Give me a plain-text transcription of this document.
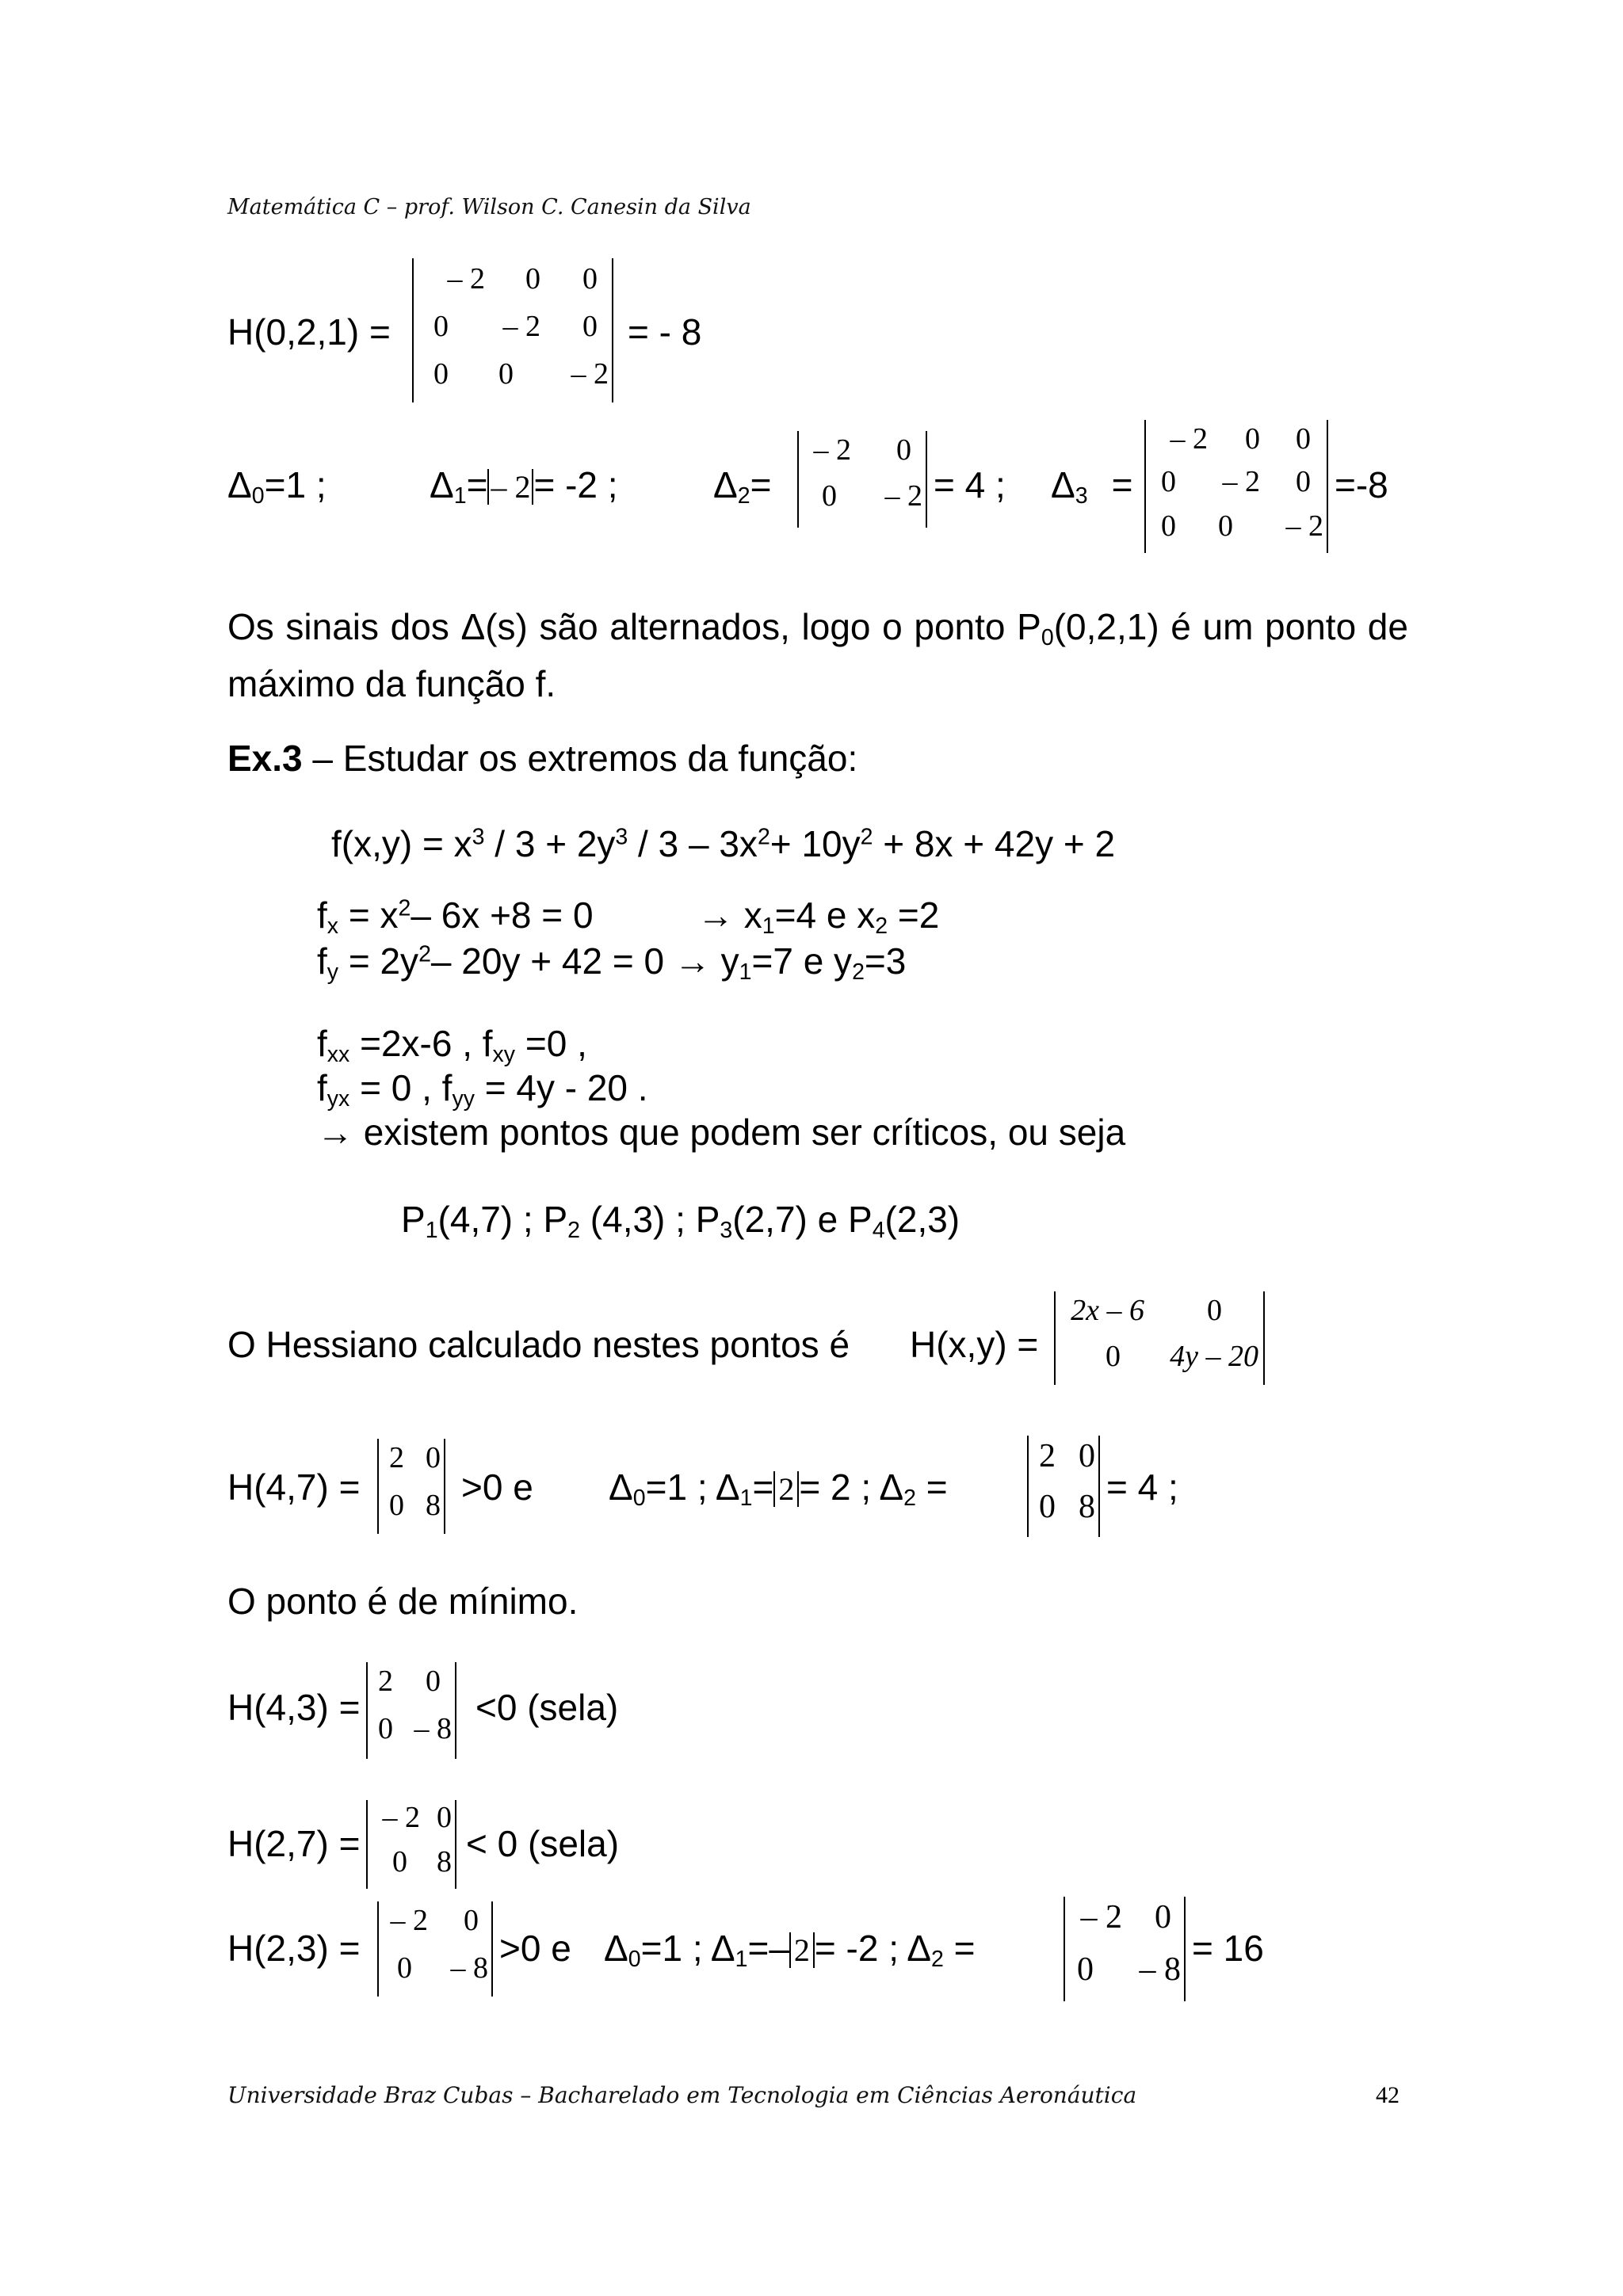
Matemática C – prof. Wilson C. Canesin da Silva
H(0,2,1) =
– 2 0 0
0 – 2 0
0 0 – 2
= - 8
$\Delta_0=1$ ;	$\Delta_1= - 2= -2$ ;	$\Delta_2=$
– 2 0
0 – 2 = 4 ; $\Delta_3$ =
– 2 0 0
0 – 2 0
0 0 – 2
=-8
Os sinais dos Δ(s) são alternados, logo o ponto $P_0(0,2,1)$ é um ponto de máximo da função f.
Ex.3 – Estudar os extremos da função:
$f(x,y) = x^3 / 3 + 2y^3 / 3 - 3x^2+ 10y^2 + 8x + 42y + 2$
$f_x = x^2-$ 6x +8 = 0	→ $x_1=4$ e $x_2 =2$
$f_y = 2y^2-$ $20y + 42 = 0 \to y_1=7$ e $y_2=3$
$f_{xx} =2x-6$ , $f_{xy} =0$ ,
$f_{yx} = 0$ , $f_{yy} = 4y - 20$ .
→ existem pontos que podem ser críticos, ou seja
$P_1(4,7)$ ; $P_2$ (4,3) ; $P_3(2,7)$ e $P_4(2,3)$
O Hessiano calculado nestes pontos é H(x,y) =
2x – 6 0
0 4y – 20
H(4,7) =
2 0
0 8 >0 e $\Delta_0=1$ ; $\Delta_1= 2 = 2$ ; $\Delta_2$ =
2 0
0 8 = 4 ;
O ponto é de mínimo.
H(4,3) =
2 0
0 – 8
<0 (sela)
H(2,7) =
– 2 0
0 8 < 0 (sela)
H(2,3) =
– 2 0
0 – 8 >0 e $\Delta_0=1$ ; $\Delta_1=-$ 2 = -2 ; $\Delta_2$ =
– 2 0
0 – 8
= 16
Universidade Braz Cubas – Bacharelado em Tecnologia em Ciências Aeronáutica	42
